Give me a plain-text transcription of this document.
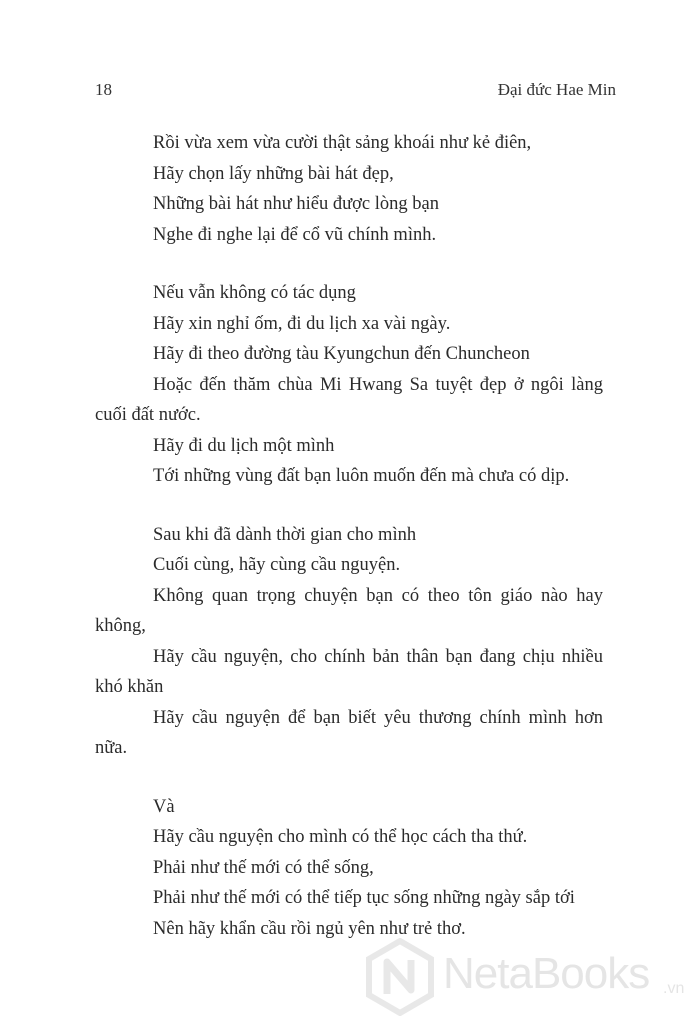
18	Đại đức Hae Min
Rồi vừa xem vừa cười thật sảng khoái như kẻ điên,
Hãy chọn lấy những bài hát đẹp,
Những bài hát như hiểu được lòng bạn
Nghe đi nghe lại để cổ vũ chính mình.
Nếu vẫn không có tác dụng
Hãy xin nghỉ ốm, đi du lịch xa vài ngày.
Hãy đi theo đường tàu Kyungchun đến Chuncheon
Hoặc đến thăm chùa Mi Hwang Sa tuyệt đẹp ở ngôi làng cuối đất nước.
Hãy đi du lịch một mình
Tới những vùng đất bạn luôn muốn đến mà chưa có dịp.
Sau khi đã dành thời gian cho mình
Cuối cùng, hãy cùng cầu nguyện.
Không quan trọng chuyện bạn có theo tôn giáo nào hay không,
Hãy cầu nguyện, cho chính bản thân bạn đang chịu nhiều khó khăn
Hãy cầu nguyện để bạn biết yêu thương chính mình hơn nữa.
Và
Hãy cầu nguyện cho mình có thể học cách tha thứ.
Phải như thế mới có thể sống,
Phải như thế mới có thể tiếp tục sống những ngày sắp tới
Nên hãy khẩn cầu rồi ngủ yên như trẻ thơ.
NetaBooks .vn
